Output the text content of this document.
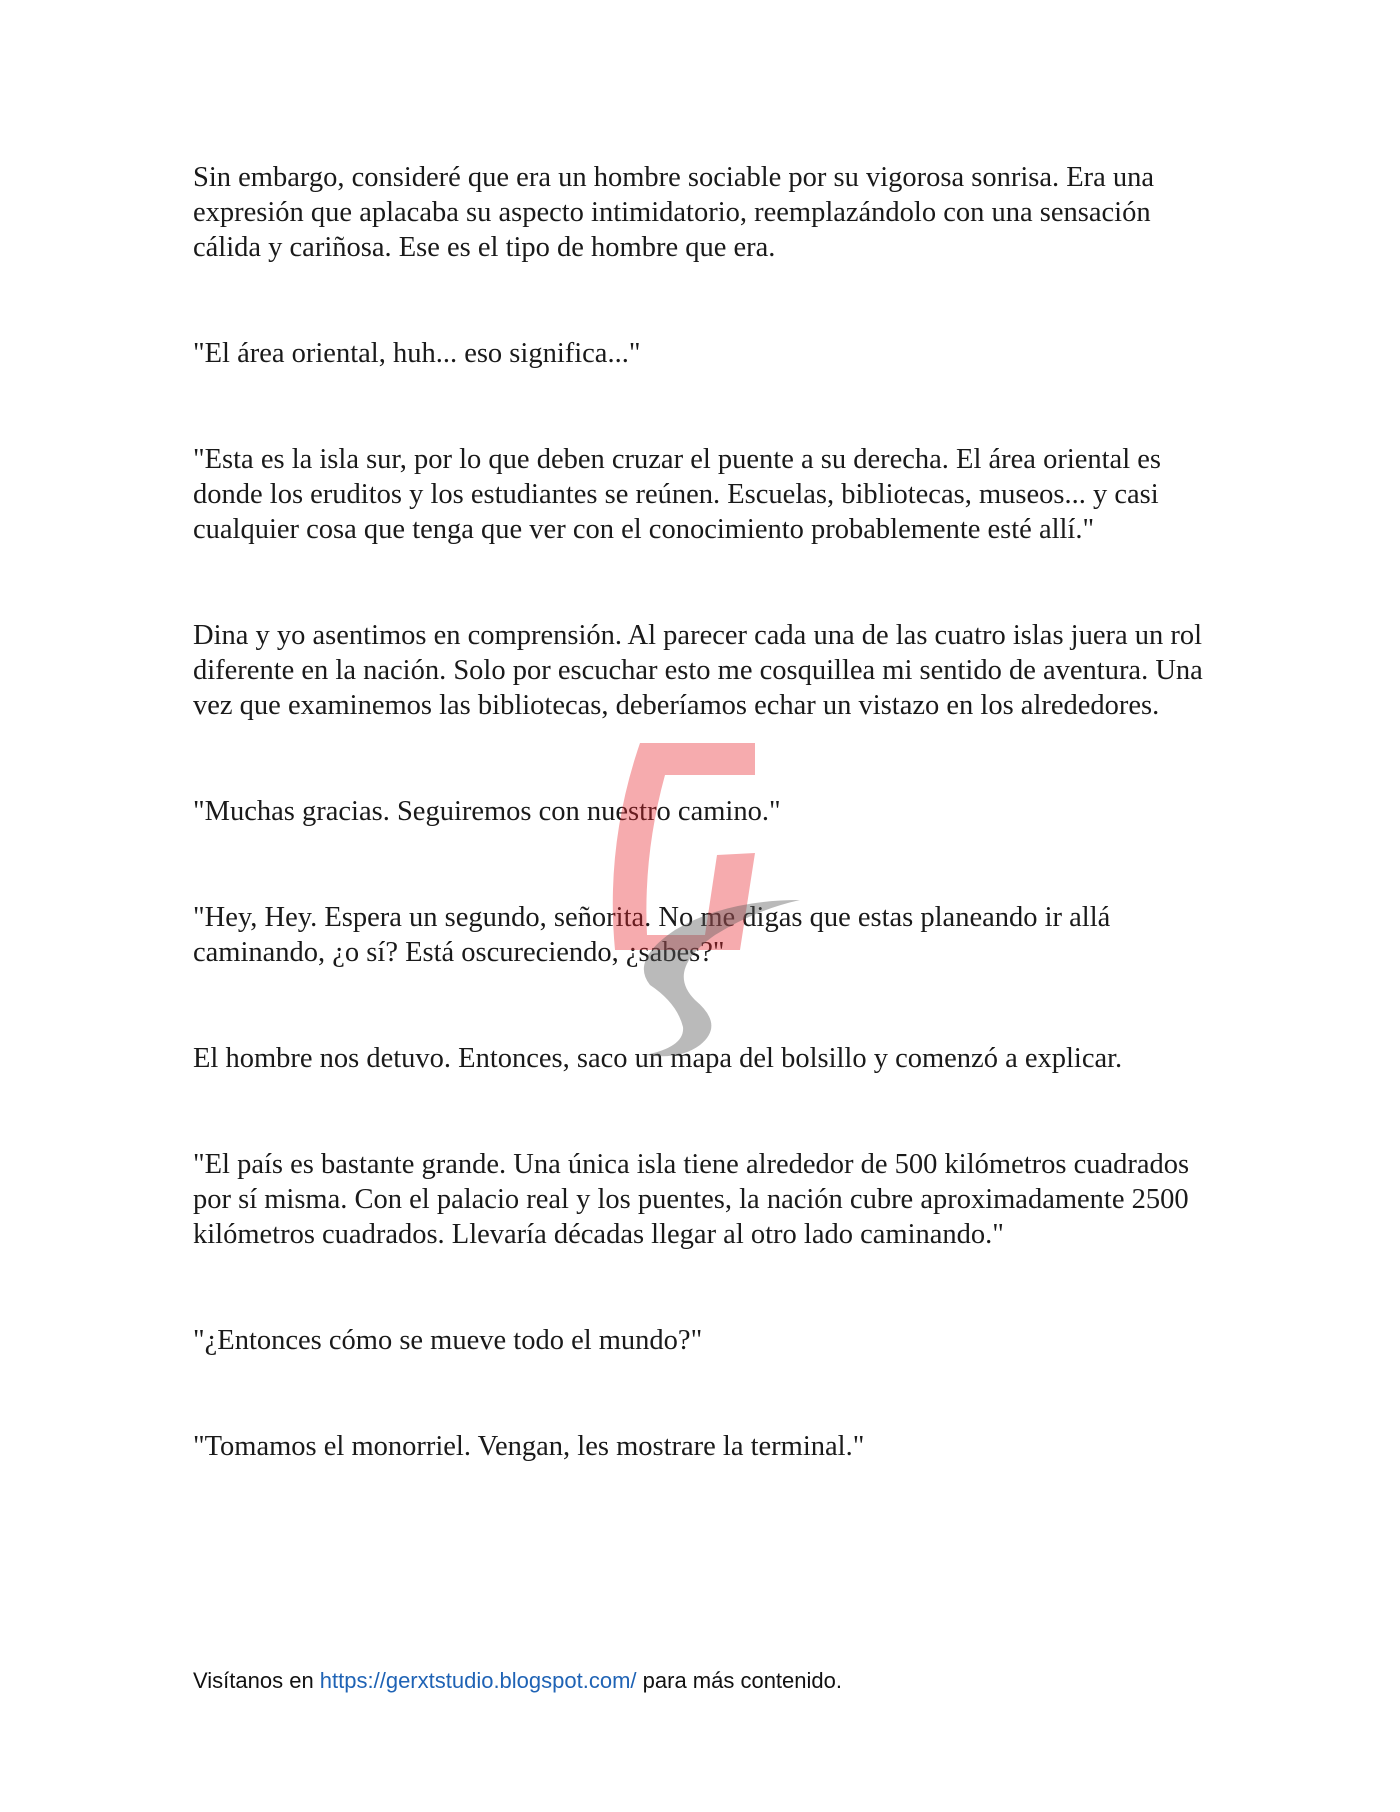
Sin embargo, consideré que era un hombre sociable por su vigorosa sonrisa. Era una expresión que aplacaba su aspecto intimidatorio, reemplazándolo con una sensación cálida y cariñosa. Ese es el tipo de hombre que era.

"El área oriental, huh... eso significa..."

"Esta es la isla sur, por lo que deben cruzar el puente a su derecha. El área oriental es donde los eruditos y los estudiantes se reúnen. Escuelas, bibliotecas, museos... y casi cualquier cosa que tenga que ver con el conocimiento probablemente esté allí."

Dina y yo asentimos en comprensión. Al parecer cada una de las cuatro islas juera un rol diferente en la nación. Solo por escuchar esto me cosquillea mi sentido de aventura. Una vez que examinemos las bibliotecas, deberíamos echar un vistazo en los alrededores.

"Muchas gracias. Seguiremos con nuestro camino."

"Hey, Hey. Espera un segundo, señorita. No me digas que estas planeando ir allá caminando, ¿o sí? Está oscureciendo, ¿sabes?"

El hombre nos detuvo. Entonces, saco un mapa del bolsillo y comenzó a explicar.

"El país es bastante grande. Una única isla tiene alrededor de 500 kilómetros cuadrados por sí misma. Con el palacio real y los puentes, la nación cubre aproximadamente 2500 kilómetros cuadrados. Llevaría décadas llegar al otro lado caminando."

"¿Entonces cómo se mueve todo el mundo?"

"Tomamos el monorriel. Vengan, les mostrare la terminal."

Visítanos en https://gerxtstudio.blogspot.com/ para más contenido.
